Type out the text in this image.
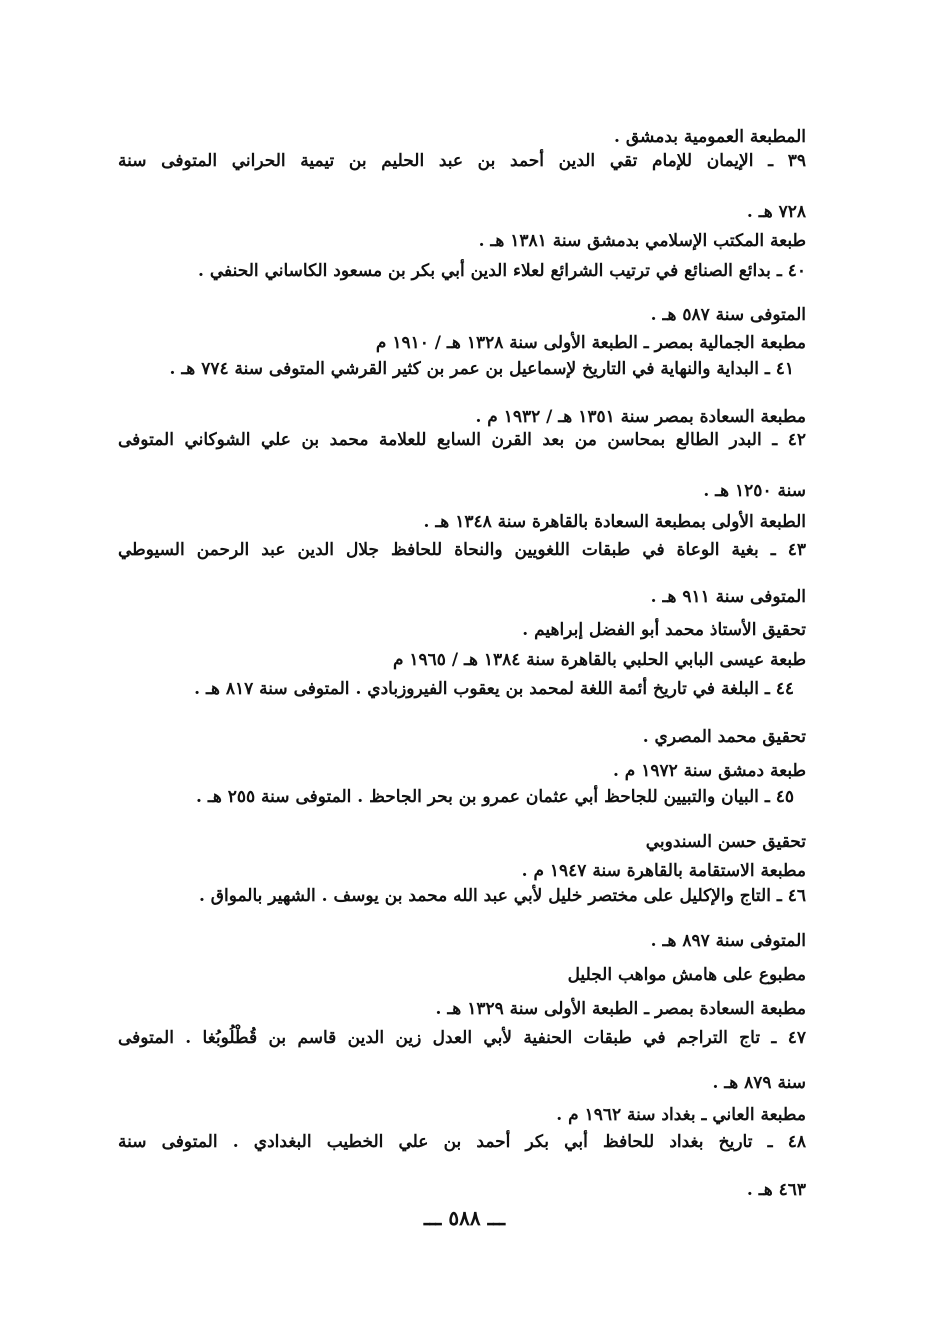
المطبعة العمومية بدمشق .

٣٩ ـ الإيمان للإمام تقي الدين أحمد بن عبد الحليم بن تيمية الحراني المتوفى سنة

٧٢٨ هـ .

طبعة المكتب الإسلامي بدمشق سنة ١٣٨١ هـ .

٤٠ ـ بدائع الصنائع في ترتيب الشرائع لعلاء الدين أبي بكر بن مسعود الكاساني الحنفي .

المتوفى سنة ٥٨٧ هـ .

مطبعة الجمالية بمصر ـ الطبعة الأولى سنة ١٣٢٨ هـ / ١٩١٠ م

٤١ ـ البداية والنهاية في التاريخ لإسماعيل بن عمر بن كثير القرشي المتوفى سنة ٧٧٤ هـ .

مطبعة السعادة بمصر سنة ١٣٥١ هـ / ١٩٣٢ م .

٤٢ ـ البدر الطالع بمحاسن من بعد القرن السابع للعلامة محمد بن علي الشوكاني المتوفى

سنة ١٢٥٠ هـ .

الطبعة الأولى بمطبعة السعادة بالقاهرة سنة ١٣٤٨ هـ .

٤٣ ـ بغية الوعاة في طبقات اللغويين والنحاة للحافظ جلال الدين عبد الرحمن السيوطي

المتوفى سنة ٩١١ هـ .

تحقيق الأستاذ محمد أبو الفضل إبراهيم .

طبعة عيسى البابي الحلبي بالقاهرة سنة ١٣٨٤ هـ / ١٩٦٥ م

٤٤ ـ البلغة في تاريخ أئمة اللغة لمحمد بن يعقوب الفيروزبادي . المتوفى سنة ٨١٧ هـ .

تحقيق محمد المصري .

طبعة دمشق سنة ١٩٧٢ م .

٤٥ ـ البيان والتبيين للجاحظ أبي عثمان عمرو بن بحر الجاحظ . المتوفى سنة ٢٥٥ هـ .

تحقيق حسن السندوبي

مطبعة الاستقامة بالقاهرة سنة ١٩٤٧ م .

٤٦ ـ التاج والإكليل على مختصر خليل لأبي عبد الله محمد بن يوسف . الشهير بالمواق .

المتوفى سنة ٨٩٧ هـ .

مطبوع على هامش مواهب الجليل

مطبعة السعادة بمصر ـ الطبعة الأولى سنة ١٣٢٩ هـ .

٤٧ ـ تاج التراجم في طبقات الحنفية لأبي العدل زين الدين قاسم بن قُطْلُوبُغا . المتوفى

سنة ٨٧٩ هـ .

مطبعة العاني ـ بغداد سنة ١٩٦٢ م .

٤٨ ـ تاريخ بغداد للحافظ أبي بكر أحمد بن علي الخطيب البغدادي . المتوفى سنة

٤٦٣ هـ .

ـــ ٥٨٨ ـــ
